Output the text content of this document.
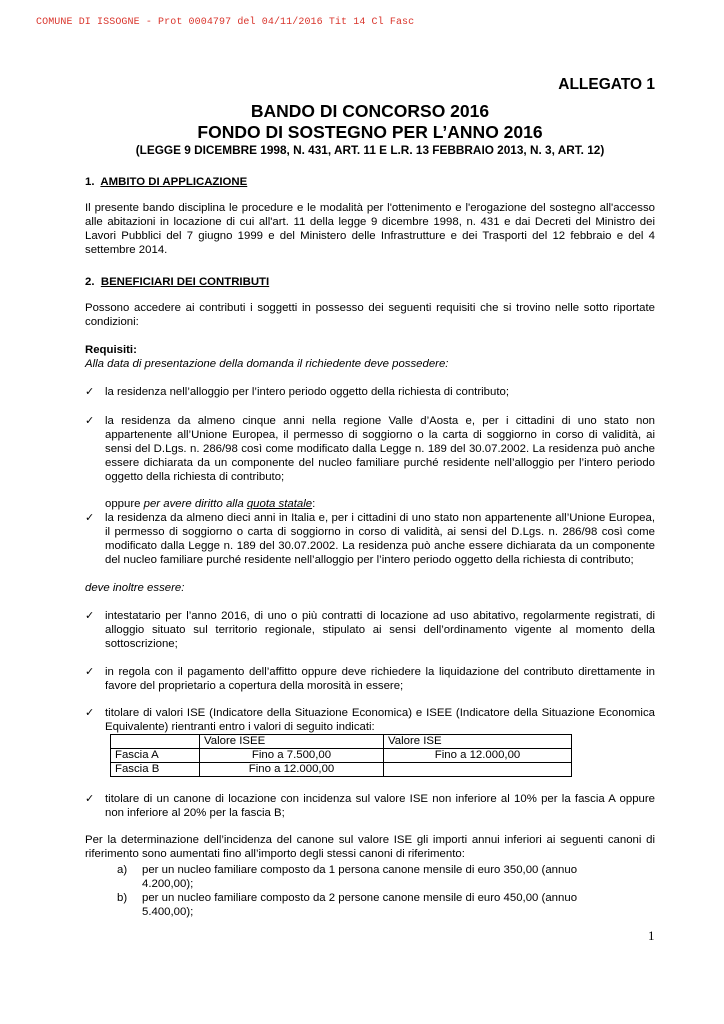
COMUNE DI ISSOGNE - Prot 0004797 del 04/11/2016 Tit 14 Cl Fasc
ALLEGATO 1
BANDO DI CONCORSO 2016
FONDO DI SOSTEGNO PER L’ANNO 2016
(LEGGE 9 DICEMBRE 1998, N. 431, ART. 11 E L.R. 13 FEBBRAIO 2013, N. 3, ART. 12)
1. AMBITO DI APPLICAZIONE
Il presente bando disciplina le procedure e le modalità per l'ottenimento e l'erogazione del sostegno all'accesso alle abitazioni in locazione di cui all'art. 11 della legge 9 dicembre 1998, n. 431 e dai Decreti del Ministro dei Lavori Pubblici del 7 giugno 1999 e del Ministero delle Infrastrutture e dei Trasporti del 12 febbraio e del 4 settembre 2014.
2. BENEFICIARI DEI CONTRIBUTI
Possono accedere ai contributi i soggetti in possesso dei seguenti requisiti che si trovino nelle sotto riportate condizioni:
Requisiti:
Alla data di presentazione della domanda il richiedente deve possedere:
✓ la residenza nell’alloggio per l’intero periodo oggetto della richiesta di contributo;
✓ la residenza da almeno cinque anni nella regione Valle d’Aosta e, per i cittadini di uno stato non appartenente all’Unione Europea, il permesso di soggiorno o la carta di soggiorno in corso di validità, ai sensi del D.Lgs. n. 286/98 così come modificato dalla Legge n. 189 del 30.07.2002. La residenza può anche essere dichiarata da un componente del nucleo familiare purché residente nell’alloggio per l’intero periodo oggetto della richiesta di contributo;
oppure per avere diritto alla quota statale:
✓ la residenza da almeno dieci anni in Italia e, per i cittadini di uno stato non appartenente all’Unione Europea, il permesso di soggiorno o carta di soggiorno in corso di validità, ai sensi del D.Lgs. n. 286/98 così come modificato dalla Legge n. 189 del 30.07.2002. La residenza può anche essere dichiarata da un componente del nucleo familiare purché residente nell’alloggio per l’intero periodo oggetto della richiesta di contributo;
deve inoltre essere:
✓ intestatario per l’anno 2016, di uno o più contratti di locazione ad uso abitativo, regolarmente registrati, di alloggio situato sul territorio regionale, stipulato ai sensi dell’ordinamento vigente al momento della sottoscrizione;
✓ in regola con il pagamento dell’affitto oppure deve richiedere la liquidazione del contributo direttamente in favore del proprietario a copertura della morosità in essere;
✓ titolare di valori ISE (Indicatore della Situazione Economica) e ISEE (Indicatore della Situazione Economica Equivalente) rientranti entro i valori di seguito indicati:
	Valore ISEE	Valore ISE
Fascia A	Fino a 7.500,00	Fino a 12.000,00
Fascia B	Fino a 12.000,00	
✓ titolare di un canone di locazione con incidenza sul valore ISE non inferiore al 10% per la fascia A oppure non inferiore al 20% per la fascia B;
Per la determinazione dell’incidenza del canone sul valore ISE gli importi annui inferiori ai seguenti canoni di riferimento sono aumentati fino all’importo degli stessi canoni di riferimento:
a)	per un nucleo familiare composto da 1 persona canone mensile di euro 350,00 (annuo
4.200,00);
b)	per un nucleo familiare composto da 2 persone canone mensile di euro 450,00 (annuo
5.400,00);
1
